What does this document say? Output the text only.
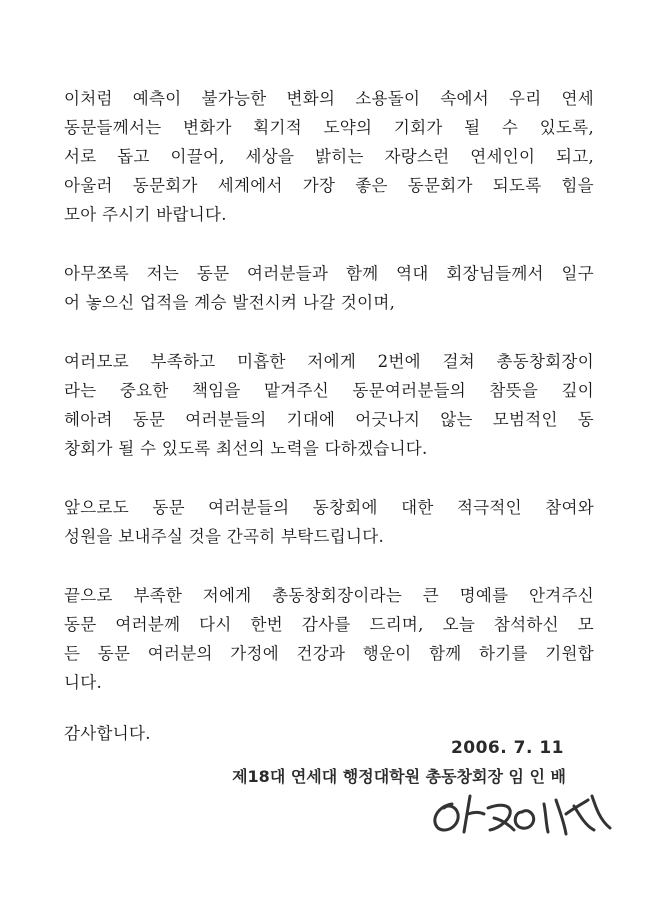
이처럼 예측이 불가능한 변화의 소용돌이 속에서 우리 연세
동문들께서는 변화가 획기적 도약의 기회가 될 수 있도록,
서로 돕고 이끌어, 세상을 밝히는 자랑스런 연세인이 되고,
아울러 동문회가 세계에서 가장 좋은 동문회가 되도록 힘을
모아 주시기 바랍니다.
아무쪼록 저는 동문 여러분들과 함께 역대 회장님들께서 일구
어 놓으신 업적을 계승 발전시켜 나갈 것이며,
여러모로 부족하고 미흡한 저에게 2번에 걸쳐 총동창회장이
라는 중요한 책임을 맡겨주신 동문여러분들의 참뜻을 깊이
헤아려 동문 여러분들의 기대에 어긋나지 않는 모범적인 동
창회가 될 수 있도록 최선의 노력을 다하겠습니다.
앞으로도 동문 여러분들의 동창회에 대한 적극적인 참여와
성원을 보내주실 것을 간곡히 부탁드립니다.
끝으로 부족한 저에게 총동창회장이라는 큰 명예를 안겨주신
동문 여러분께 다시 한번 감사를 드리며, 오늘 참석하신 모
든 동문 여러분의 가정에 건강과 행운이 함께 하기를 기원합
니다.
감사합니다.
2006. 7. 11
제18대 연세대 행정대학원 총동창회장 임 인 배
